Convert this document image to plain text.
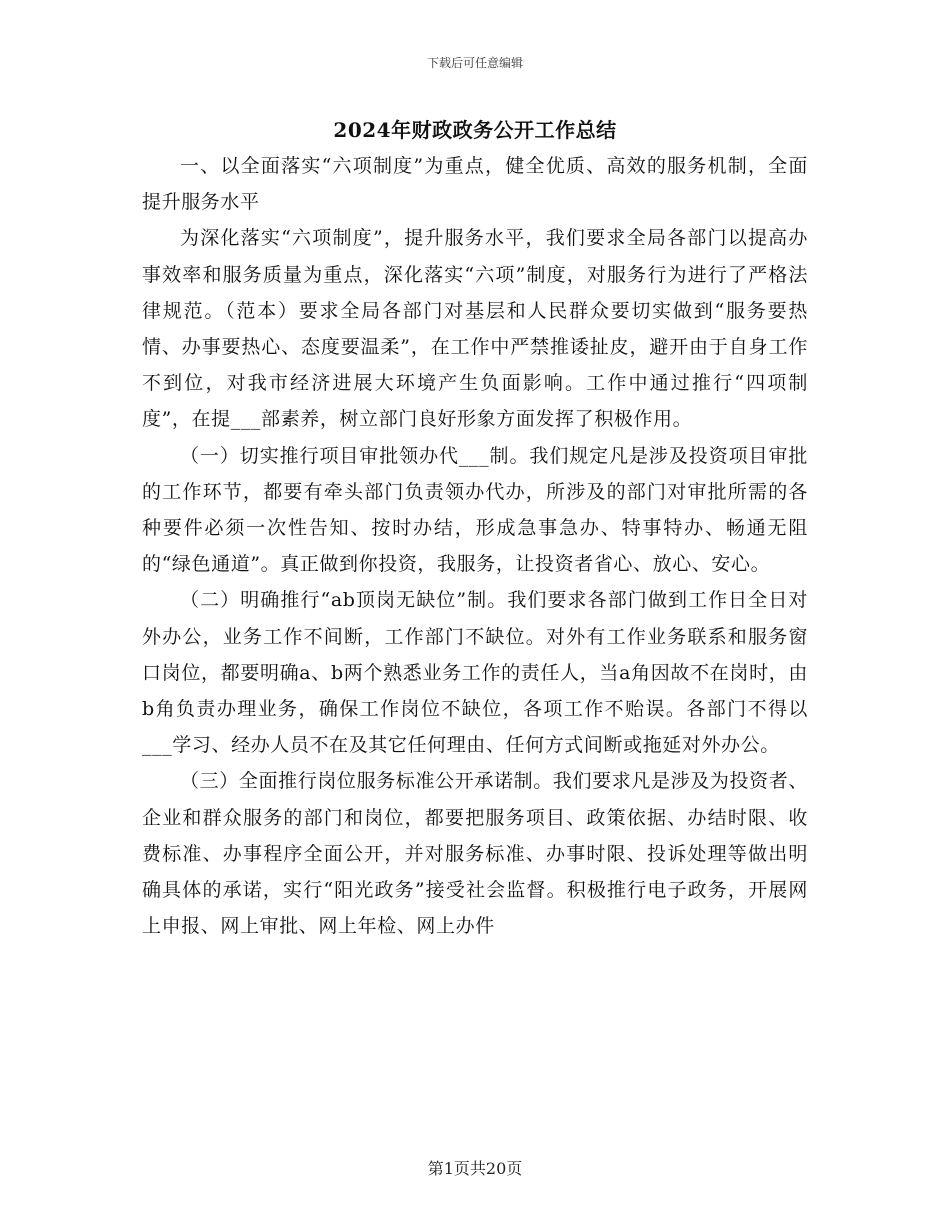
下载后可任意编辑
2024年财政政务公开工作总结

一、以全面落实“六项制度”为重点，健全优质、高效的服务机制，全面提升服务水平

为深化落实“六项制度”，提升服务水平，我们要求全局各部门以提高办事效率和服务质量为重点，深化落实“六项”制度，对服务行为进行了严格法律规范。（范本）要求全局各部门对基层和人民群众要切实做到“服务要热情、办事要热心、态度要温柔”，在工作中严禁推诿扯皮，避开由于自身工作不到位，对我市经济进展大环境产生负面影响。工作中通过推行“四项制度”，在提___部素养，树立部门良好形象方面发挥了积极作用。

（一）切实推行项目审批领办代___制。我们规定凡是涉及投资项目审批的工作环节，都要有牵头部门负责领办代办，所涉及的部门对审批所需的各种要件必须一次性告知、按时办结，形成急事急办、特事特办、畅通无阻的“绿色通道”。真正做到你投资，我服务，让投资者省心、放心、安心。

（二）明确推行“ab顶岗无缺位”制。我们要求各部门做到工作日全日对外办公，业务工作不间断，工作部门不缺位。对外有工作业务联系和服务窗口岗位，都要明确a、b两个熟悉业务工作的责任人，当a角因故不在岗时，由b角负责办理业务，确保工作岗位不缺位，各项工作不贻误。各部门不得以___学习、经办人员不在及其它任何理由、任何方式间断或拖延对外办公。

（三）全面推行岗位服务标准公开承诺制。我们要求凡是涉及为投资者、企业和群众服务的部门和岗位，都要把服务项目、政策依据、办结时限、收费标准、办事程序全面公开，并对服务标准、办事时限、投诉处理等做出明确具体的承诺，实行“阳光政务”接受社会监督。积极推行电子政务，开展网上申报、网上审批、网上年检、网上办件

第1页共20页
